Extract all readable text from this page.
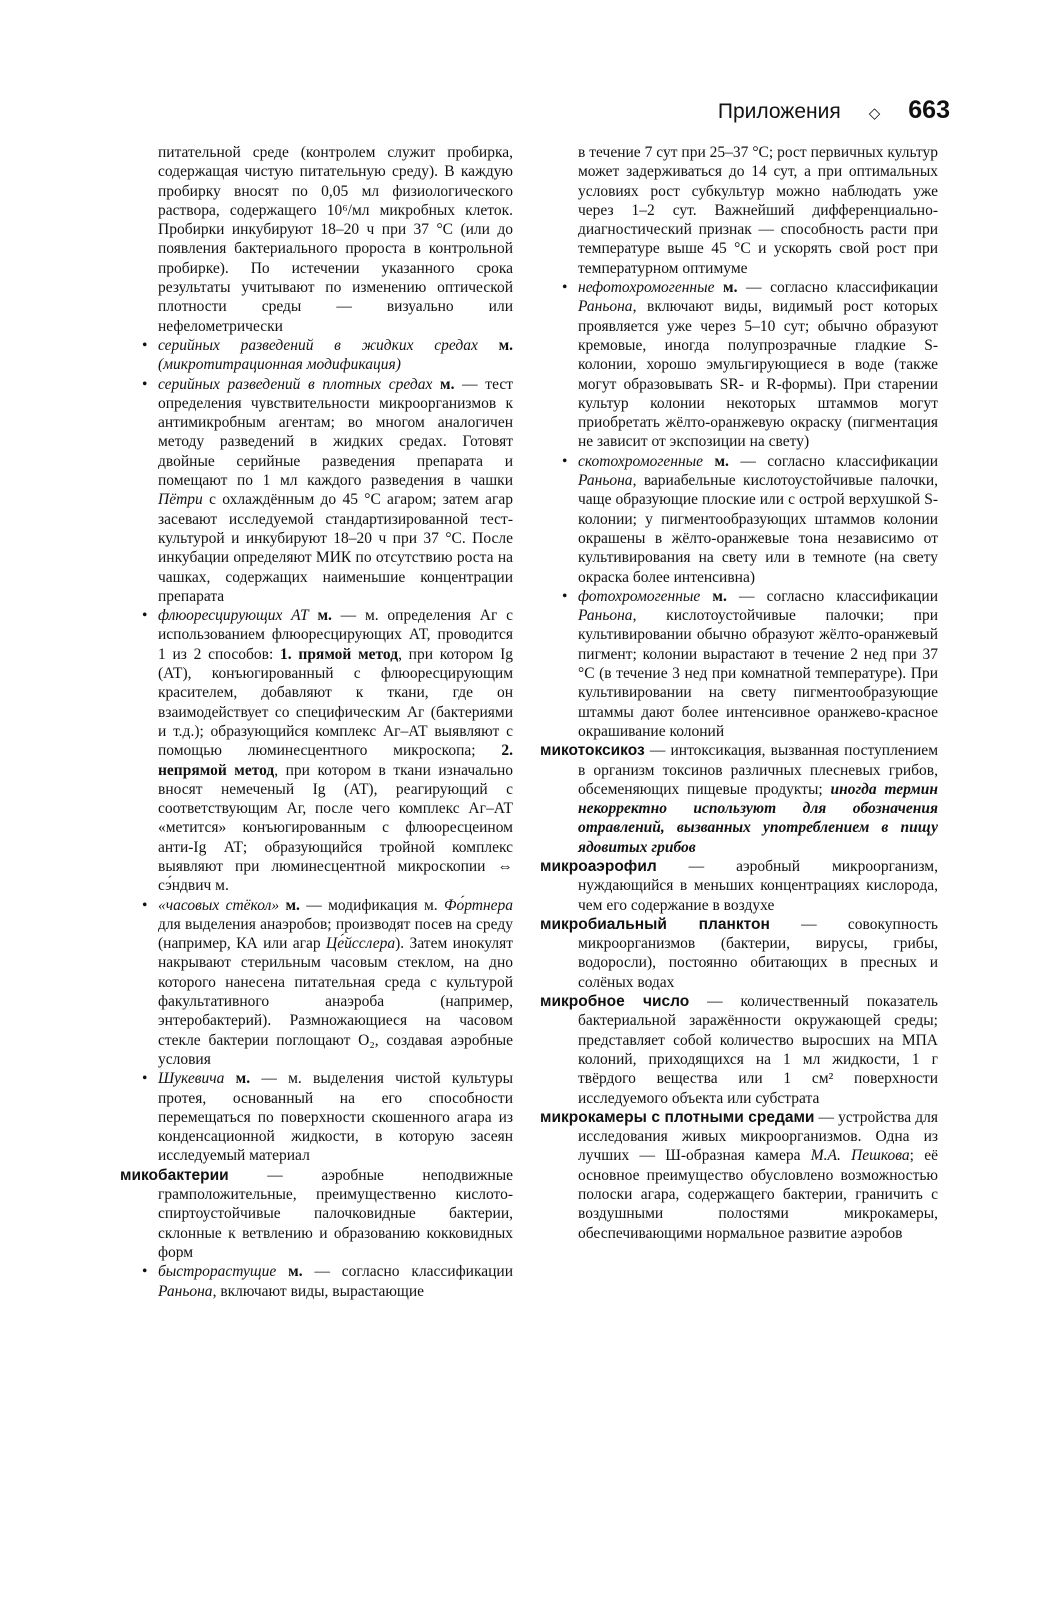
Приложения ◇ 663

питательной среде (контролем служит пробирка, содержащая чистую питательную среду). В каждую пробирку вносят по 0,05 мл физиологического раствора, содержащего 10⁶/мл микробных клеток. Пробирки инкубируют 18–20 ч при 37 °С (или до появления бактериального пророста в контрольной пробирке). По истечении указанного срока результаты учитывают по изменению оптической плотности среды — визуально или нефелометрически

• серийных разведений в жидких средах м. (микротитрационная модификация)

• серийных разведений в плотных средах м. — тест определения чувствительности микроорганизмов к антимикробным агентам; во многом аналогичен методу разведений в жидких средах. Готовят двойные серийные разведения препарата и помещают по 1 мл каждого разведения в чашки Пётри с охлаждённым до 45 °С агаром; затем агар засевают исследуемой стандартизированной тест-культурой и инкубируют 18–20 ч при 37 °С. После инкубации определяют МИК по отсутствию роста на чашках, содержащих наименьшие концентрации препарата

• флюоресцирующих АТ м. — м. определения Аг с использованием флюоресцирующих АТ, проводится 1 из 2 способов: 1. прямой метод, при котором Ig (АТ), конъюгированный с флюоресцирующим красителем, добавляют к ткани, где он взаимодействует со специфическим Аг (бактериями и т.д.); образующийся комплекс Аг–АТ выявляют с помощью люминесцентного микроскопа; 2. непрямой метод, при котором в ткани изначально вносят немеченый Ig (АТ), реагирующий с соответствующим Аг, после чего комплекс Аг–АТ «метится» конъюгированным с флюоресцеином анти-Ig АТ; образующийся тройной комплекс выявляют при люминесцентной микроскопии ⇔ сэ́ндвич м.

• «часовых стёкол» м. — модификация м. Фо́ртнера для выделения анаэробов; производят посев на среду (например, КА или агар Це́йсслера). Затем инокулят накрывают стерильным часовым стеклом, на дно которого нанесена питательная среда с культурой факультативного анаэроба (например, энтеробактерий). Размножающиеся на часовом стекле бактерии поглощают О₂, создавая аэробные условия

• Шукевича м. — м. выделения чистой культуры протея, основанный на его способности перемещаться по поверхности скошенного агара из конденсационной жидкости, в которую засеян исследуемый материал

микобактерии — аэробные неподвижные грамположительные, преимущественно кислото-спиртоустойчивые палочковидные бактерии, склонные к ветвлению и образованию кокковидных форм

• быстрорастущие м. — согласно классификации Раньона, включают виды, вырастающие

в течение 7 сут при 25–37 °С; рост первичных культур может задерживаться до 14 сут, а при оптимальных условиях рост субкультур можно наблюдать уже через 1–2 сут. Важнейший дифференциально-диагностический признак — способность расти при температуре выше 45 °С и ускорять свой рост при температурном оптимуме

• нефотохромогенные м. — согласно классификации Раньона, включают виды, видимый рост которых проявляется уже через 5–10 сут; обычно образуют кремовые, иногда полупрозрачные гладкие S-колонии, хорошо эмульгирующиеся в воде (также могут образовывать SR- и R-формы). При старении культур колонии некоторых штаммов могут приобретать жёлто-оранжевую окраску (пигментация не зависит от экспозиции на свету)

• скотохромогенные м. — согласно классификации Раньона, вариабельные кислотоустойчивые палочки, чаще образующие плоские или с острой верхушкой S-колонии; у пигментообразующих штаммов колонии окрашены в жёлто-оранжевые тона независимо от культивирования на свету или в темноте (на свету окраска более интенсивна)

• фотохромогенные м. — согласно классификации Раньона, кислотоустойчивые палочки; при культивировании обычно образуют жёлто-оранжевый пигмент; колонии вырастают в течение 2 нед при 37 °С (в течение 3 нед при комнатной температуре). При культивировании на свету пигментообразующие штаммы дают более интенсивное оранжево-красное окрашивание колоний

микотоксикоз — интоксикация, вызванная поступлением в организм токсинов различных плесневых грибов, обсеменяющих пищевые продукты; иногда термин некорректно используют для обозначения отравлений, вызванных употреблением в пищу ядовитых грибов

микроаэрофил — аэробный микроорганизм, нуждающийся в меньших концентрациях кислорода, чем его содержание в воздухе

микробиальный планктон — совокупность микроорганизмов (бактерии, вирусы, грибы, водоросли), постоянно обитающих в пресных и солёных водах

микробное число — количественный показатель бактериальной заражённости окружающей среды; представляет собой количество выросших на МПА колоний, приходящихся на 1 мл жидкости, 1 г твёрдого вещества или 1 см² поверхности исследуемого объекта или субстрата

микрокамеры с плотными средами — устройства для исследования живых микроорганизмов. Одна из лучших — Ш-образная камера М.А. Пешкова; её основное преимущество обусловлено возможностью полоски агара, содержащего бактерии, граничить с воздушными полостями микрокамеры, обеспечивающими нормальное развитие аэробов
